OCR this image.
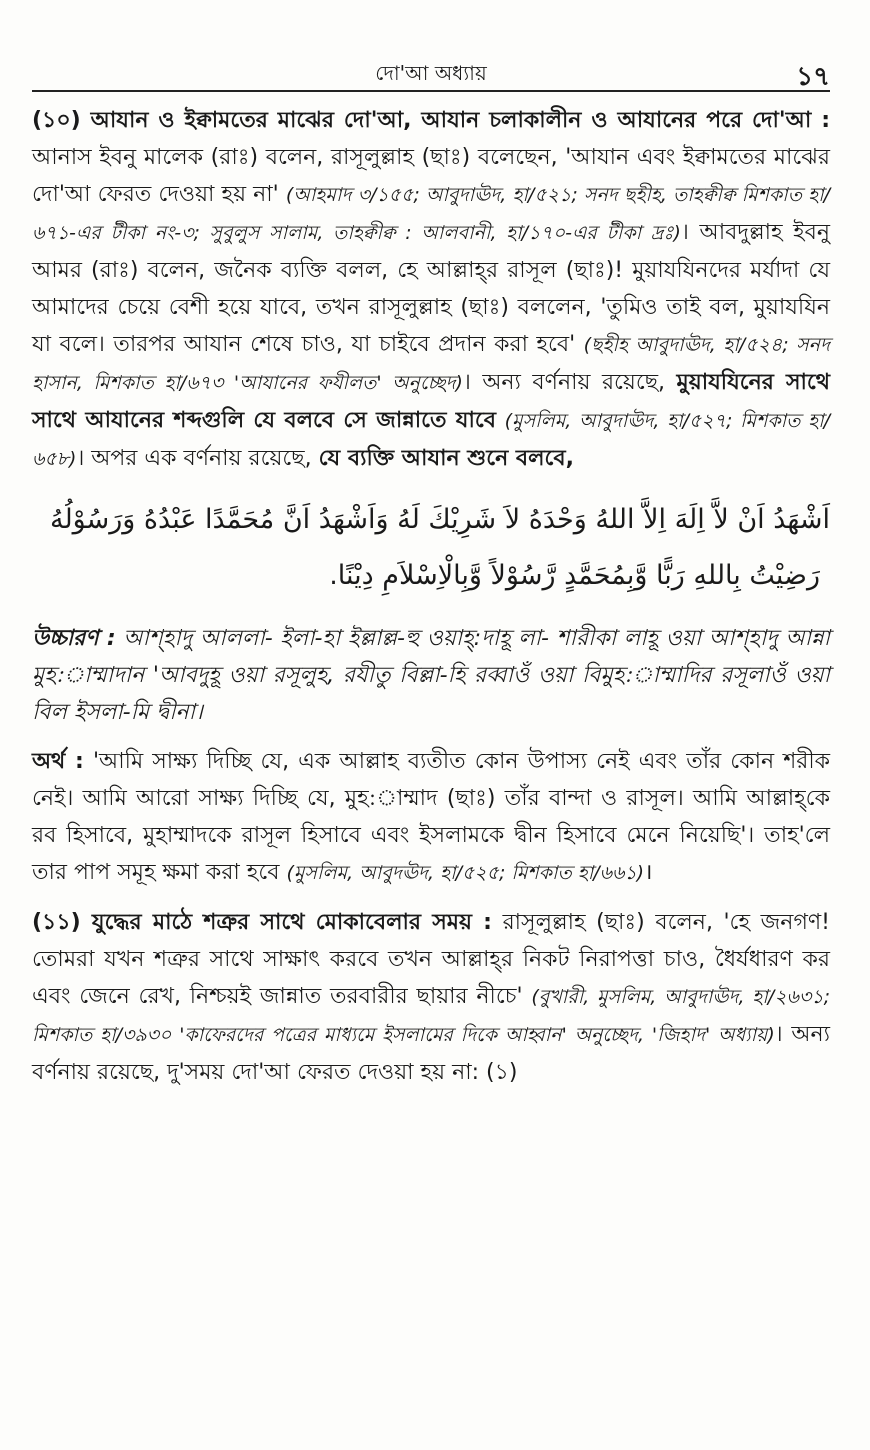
দো'আ অধ্যায়	১৭

(১০) আযান ও ইক্বামতের মাঝের দো'আ, আযান চলাকালীন ও আযানের পরে দো'আ : আনাস ইবনু মালেক (রাঃ) বলেন, রাসূলুল্লাহ (ছাঃ) বলেছেন, 'আযান এবং ইক্বামতের মাঝের দো'আ ফেরত দেওয়া হয় না' (আহমাদ ৩/১৫৫; আবুদাঊদ, হা/৫২১; সনদ ছহীহ, তাহক্বীক্ব মিশকাত হা/৬৭১-এর টীকা নং-৩; সুবুলুস সালাম, তাহক্বীক্ব : আলবানী, হা/১৭০-এর টীকা দ্রঃ)। আবদুল্লাহ ইবনু আমর (রাঃ) বলেন, জনৈক ব্যক্তি বলল, হে আল্লাহ্‌র রাসূল (ছাঃ)! মুয়াযযিনদের মর্যাদা যে আমাদের চেয়ে বেশী হয়ে যাবে, তখন রাসূলুল্লাহ (ছাঃ) বললেন, 'তুমিও তাই বল, মুয়াযযিন যা বলে। তারপর আযান শেষে চাও, যা চাইবে প্রদান করা হবে' (ছহীহ আবুদাঊদ, হা/৫২৪; সনদ হাসান, মিশকাত হা/৬৭৩ 'আযানের ফযীলত' অনুচ্ছেদ)। অন্য বর্ণনায় রয়েছে, মুয়াযযিনের সাথে সাথে আযানের শব্দগুলি যে বলবে সে জান্নাতে যাবে (মুসলিম, আবুদাঊদ, হা/৫২৭; মিশকাত হা/৬৫৮)। অপর এক বর্ণনায় রয়েছে, যে ব্যক্তি আযান শুনে বলবে,

اَشْهَدُ اَنْ لاَّ اِلَهَ اِلاَّ اللهُ وَحْدَهُ لاَ شَرِيْكَ لَهُ وَاَشْهَدُ اَنَّ مُحَمَّدًا عَبْدُهُ وَرَسُوْلُهُ
رَضِيْتُ بِاللهِ رَبًّا وَّبِمُحَمَّدٍ رَّسُوْلاً وَّبِالْاِسْلاَمِ دِيْنًا.

উচ্চারণ : আশ্‌হাদু আললা- ইলা-হা ইল্লাল্ল-হু ওয়াহ্‌:দাহূ লা- শারীকা লাহূ ওয়া আশ্‌হাদু আন্না মুহ:াম্মাদান 'আবদুহূ ওয়া রসূলুহ, রযীতু বিল্লা-হি রব্বাওঁ ওয়া বিমুহ:াম্মাদির রসূলাওঁ ওয়া বিল ইসলা-মি দ্বীনা।

অর্থ : 'আমি সাক্ষ্য দিচ্ছি যে, এক আল্লাহ ব্যতীত কোন উপাস্য নেই এবং তাঁর কোন শরীক নেই। আমি আরো সাক্ষ্য দিচ্ছি যে, মুহ:াম্মাদ (ছাঃ) তাঁর বান্দা ও রাসূল। আমি আল্লাহ্‌কে রব হিসাবে, মুহাম্মাদকে রাসূল হিসাবে এবং ইসলামকে দ্বীন হিসাবে মেনে নিয়েছি'। তাহ'লে তার পাপ সমূহ ক্ষমা করা হবে (মুসলিম, আবুদঊদ, হা/৫২৫; মিশকাত হা/৬৬১)।

(১১) যুদ্ধের মাঠে শত্রুর সাথে মোকাবেলার সময় : রাসূলুল্লাহ (ছাঃ) বলেন, 'হে জনগণ! তোমরা যখন শত্রুর সাথে সাক্ষাৎ করবে তখন আল্লাহ্‌র নিকট নিরাপত্তা চাও, ধৈর্যধারণ কর এবং জেনে রেখ, নিশ্চয়ই জান্নাত তরবারীর ছায়ার নীচে' (বুখারী, মুসলিম, আবুদাঊদ, হা/২৬৩১; মিশকাত হা/৩৯৩০ 'কাফেরদের পত্রের মাধ্যমে ইসলামের দিকে আহ্বান' অনুচ্ছেদ, 'জিহাদ' অধ্যায়)। অন্য বর্ণনায় রয়েছে, দু'সময় দো'আ ফেরত দেওয়া হয় না: (১)
